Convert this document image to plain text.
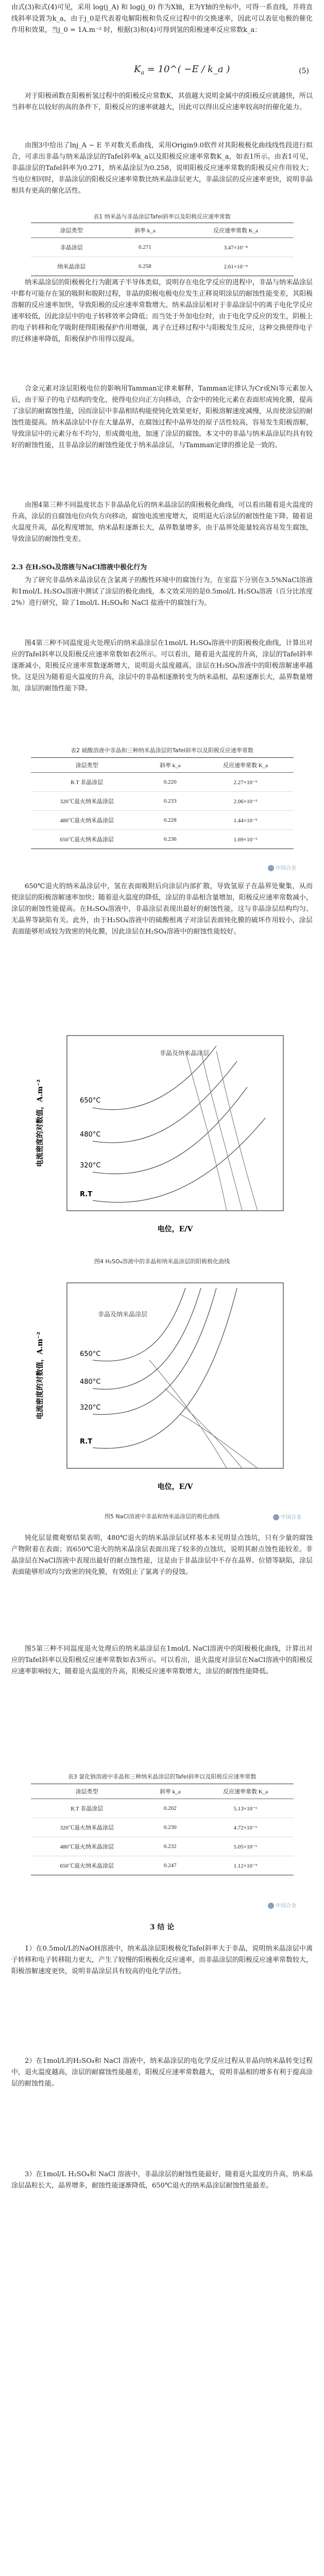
由式(3)和式(4)可见，采用 log(j_A) 和 log(j_0) 作为X轴，E为Y轴的坐标中，可得一系直线，并将直线斜率设置为k_a，由于j_0是代表着电解阳极和负反应过程中的交换速率，因此可以表征电极的催化作用和效果，当j_0 = 1A.m⁻² 时，根据(3)和(4)可得到氢的阳极速率反应常数k_a：

$K_a$ = 10^( −E / k_a )	(5)

对于阳极函数在阳极析氢过程中的阳极反应常数K，其值越大说明金属中的阳极反应就越快，所以当斜率在以较好的高的条件下，阳极反应的速率就越大，因此可以得出反应速率较高时的催化能力。

由图3中给出了lnj_A − E 半对数关系曲线，采用Origin9.0软件对其阳极极化曲线线性段进行拟合，可求出非晶与纳米晶涂层的Tafel斜率k_a以及阳极反应速率常数K_a，如表1所示。由表1可见，非晶涂层的Tafel斜率为0.271，纳米晶涂层为0.258，说明阳极反应速率常数的阳极反应作用较大；当电位相同时，非晶涂层的阳极反应速率常数比纳米晶涂层更大，非晶涂层的反应速率更快，说明非晶相具有更高的催化活性。

表1 纳米晶与非晶涂层Tafel斜率以及阳极反应速率常数
涂层类型	斜率 k_a	反应速率常数 K_a
非晶涂层	0.271	3.47×10⁻⁴
纳米晶涂层	0.258	2.61×10⁻⁴

纳米晶涂层的阳极极化行为跟离子半导体类似，说明存在电化学反应的进程中，非晶与纳米晶涂层中都有可能存在氢的吸附和脱附过程，非晶的阳极电极电位发生正移说明涂层的耐蚀性能变差，其阳极溶解的反应速率加快，导致阳极的反应速率常数增大。纳米晶涂层相对于非晶涂层中的离子电化学反应速率较低，因此涂层中的电子转移效率会降低；而当处于外加电位时，由于电化学反应的发生，阴极上的电子转移和化学吸附使得阳极保护作用增强，离子在迁移过程中与阳极发生反应，这种交换使得电子的迁移速率降低，阳极保护作用得以提高。

合金元素对涂层阳极电位的影响用Tamman定律来解释，Tamman定律认为Cr或Ni等元素加入后，由于原子的电子结构的变化，使得电位向正方向移动，合金中的钝化元素在表面形成钝化膜，提高了涂层的耐腐蚀性能，因而涂层中非晶相结构能使钝化效果更好，阳极溶解速度减慢，从而使涂层的耐蚀性能提高。纳米晶涂层中存在大量晶界，在腐蚀过程中晶界处的原子活性较高，容易发生阳极溶解，导致涂层中的元素分布不均匀，形成微电池，加速了涂层的腐蚀。本文中的非晶与纳米晶涂层均具有较好的耐蚀性能，且非晶涂层的耐蚀性能优于纳米晶涂层，与Tamman定律的推论是一致的。

由图4第三种不同温度状态下非晶晶化后的纳米晶涂层的阳极极化曲线，可以看出随着退火温度的升高，涂层的自腐蚀电位向负方向移动，腐蚀电流密度增大，说明退火后涂层的耐蚀性能下降。随着退火温度升高，晶化程度增加，纳米晶粒逐渐长大，晶界数量增多，由于晶界处能量较高容易发生腐蚀，导致涂层的耐蚀性变差。

2.3 在H₂SO₄及溶液与NaCl溶液中极化行为

为了研究非晶纳米晶涂层在含氯离子的酸性环境中的腐蚀行为，在室温下分别在3.5%NaCl溶液和1mol/L H₂SO₄溶液中测试了涂层的极化曲线，本文效采用的是0.5mol/L H₂SO₄溶液（百分比浓度2%）进行研究，除了1mol/L H₂SO₄和 NaCl 盐液中的腐蚀行为。

图4第三种不同温度退火处理后的纳米晶涂层在1mol/L H₂SO₄溶液中的阳极极化曲线，计算出对应的Tafel斜率以及阳极反应速率常数如表2所示。可以看出，随着退火温度的升高，涂层的Tafel斜率逐渐减小，阳极反应速率常数逐渐增大，说明退火温度越高，涂层在H₂SO₄溶液中的阳极溶解速率越快。这是因为随着退火温度的升高，涂层中的非晶相逐渐转变为纳米晶相，晶粒逐渐长大，晶界数量增加，涂层的耐蚀性能下降。

表2 硫酸溶液中非晶和三种纳米晶涂层的Tafel斜率以及阳极反应速率常数
涂层类型	斜率 k_a	反应速率常数 K_a
R.T 非晶涂层	0.220	2.27×10⁻⁵
320℃退火纳米晶涂层	0.233	2.06×10⁻⁵
480℃退火纳米晶涂层	0.228	1.44×10⁻⁵
650℃退火纳米晶涂层	0.236	1.69×10⁻⁵
中国合金

650℃退火的纳米晶涂层中，氢在表面吸附后向涂层内部扩散，导致氢原子在晶界处聚集，从而使涂层的阳极溶解速率加快；随着退火温度的降低，涂层的非晶相含量增加，阳极反应速率常数减小，涂层的耐蚀性能提高。在H₂SO₄溶液中，非晶涂层表现出最好的耐蚀性能，这与非晶涂层结构均匀、无晶界等缺陷有关。此外，由于H₂SO₄溶液中的硫酸根离子对涂层表面钝化膜的破坏作用较小，涂层表面能够形成较为致密的钝化膜，因此涂层在H₂SO₄溶液中的耐蚀性能较好。

电流密度的对数值，A.m⁻²
电位，E/V
非晶及纳米晶涂层
650°C
480°C
320°C
R.T
图4 H₂SO₄溶液中的非晶和纳米晶涂层的阳极极化曲线
电流密度的对数值，A.m⁻²
电位，E/V
非晶及纳米晶涂层
650°C
480°C
320°C
R.T
图5 NaCl溶液中非晶和纳米晶涂层的极化曲线	中国合金

钝化层显微观察结果表明，480℃退火的纳米晶涂层试样基本未见明显点蚀坑，只有少量的腐蚀产物附着在表面；而650℃退火的纳米晶涂层表面出现了较多的点蚀坑，说明其耐点蚀性能较差。非晶涂层在NaCl溶液中表现出最好的耐点蚀性能，这是由于非晶涂层中不存在晶界、位错等缺陷，涂层表面能够形成均匀致密的钝化膜，有效阻止了氯离子的侵蚀。

图5第三种不同温度退火处理后的纳米晶涂层在1mol/L NaCl溶液中的阳极极化曲线，计算出对应的Tafel斜率以及阳极反应速率常数如表3所示。可以看出，退火温度对涂层在NaCl溶液中的阳极反应速率影响较大，随着退火温度的升高，阳极反应速率常数增大，涂层的耐蚀性能降低。

表3 氯化钠溶液中非晶和三种纳米晶涂层的Tafel斜率以及阳极反应速率常数
涂层类型	斜率 k_a	反应速率常数 K_a
R.T 非晶涂层	0.202	5.13×10⁻⁶
320℃退火纳米晶涂层	0.230	4.72×10⁻⁶
480℃退火纳米晶涂层	0.232	5.05×10⁻⁶
650℃退火纳米晶涂层	0.247	1.12×10⁻⁵
中国合金
3 结 论

1）在0.5mol/L的NaOH溶液中，纳米晶涂层阳极极化Tafel斜率大于非晶，说明纳米晶涂层中离子转移和电子转移阻力更大，产生了较慢的阳极极化反应速率，而非晶涂层的阳极反应速率常数较大，阳极溶解速度更快，说明非晶涂层具有较高的电化学活性。

2）在1mol/L的H₂SO₄和 NaCl 溶液中，纳米晶涂层的电化学反应过程从非晶向纳米晶转变过程中，退火温度越高，涂层的耐腐蚀性能越差，阳极反应速率常数越大，说明非晶相的增多有利于提高涂层的耐蚀性能。

3）在1mol/L H₂SO₄和 NaCl 溶液中，非晶涂层的耐蚀性能最好，随着退火温度的升高，纳米晶涂层晶粒长大，晶界增多，耐蚀性能逐渐降低，650℃退火的纳米晶涂层耐蚀性能最差。
